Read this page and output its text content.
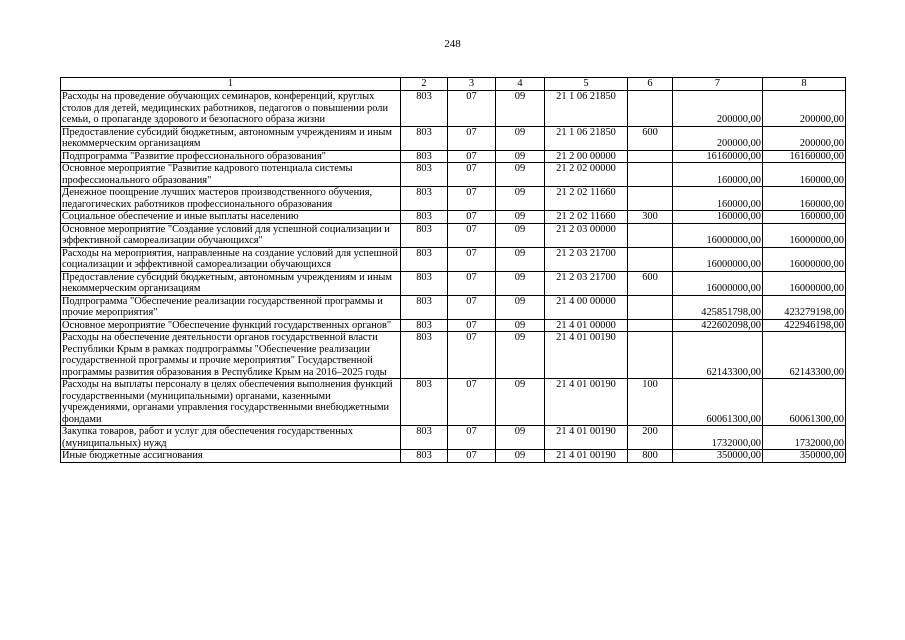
248
1	2	3	4	5	6	7	8
Расходы на проведение обучающих семинаров, конференций, круглых столов для детей, медицинских работников, педагогов о повышении роли семьи, о пропаганде здорового и безопасного образа жизни	803	07	09	21 1 06 21850		200000,00	200000,00
Предоставление субсидий бюджетным, автономным учреждениям и иным некоммерческим организациям	803	07	09	21 1 06 21850	600	200000,00	200000,00
Подпрограмма "Развитие профессионального образования"	803	07	09	21 2 00 00000		16160000,00	16160000,00
Основное мероприятие "Развитие кадрового потенциала системы профессионального образования"	803	07	09	21 2 02 00000		160000,00	160000,00
Денежное поощрение лучших мастеров производственного обучения, педагогических работников профессионального образования	803	07	09	21 2 02 11660		160000,00	160000,00
Социальное обеспечение и иные выплаты населению	803	07	09	21 2 02 11660	300	160000,00	160000,00
Основное мероприятие "Создание условий для успешной социализации и эффективной самореализации обучающихся"	803	07	09	21 2 03 00000		16000000,00	16000000,00
Расходы на мероприятия, направленные на создание условий для успешной социализации и эффективной самореализации обучающихся	803	07	09	21 2 03 21700		16000000,00	16000000,00
Предоставление субсидий бюджетным, автономным учреждениям и иным некоммерческим организациям	803	07	09	21 2 03 21700	600	16000000,00	16000000,00
Подпрограмма "Обеспечение реализации государственной программы и прочие мероприятия"	803	07	09	21 4 00 00000		425851798,00	423279198,00
Основное мероприятие "Обеспечение функций государственных органов"	803	07	09	21 4 01 00000		422602098,00	422946198,00
Расходы на обеспечение деятельности органов государственной власти Республики Крым в рамках подпрограммы "Обеспечение реализации государственной программы и прочие мероприятия" Государственной программы развития образования в Республике Крым на 2016–2025 годы	803	07	09	21 4 01 00190		62143300,00	62143300,00
Расходы на выплаты персоналу в целях обеспечения выполнения функций государственными (муниципальными) органами, казенными учреждениями, органами управления государственными внебюджетными фондами	803	07	09	21 4 01 00190	100	60061300,00	60061300,00
Закупка товаров, работ и услуг для обеспечения государственных (муниципальных) нужд	803	07	09	21 4 01 00190	200	1732000,00	1732000,00
Иные бюджетные ассигнования	803	07	09	21 4 01 00190	800	350000,00	350000,00
